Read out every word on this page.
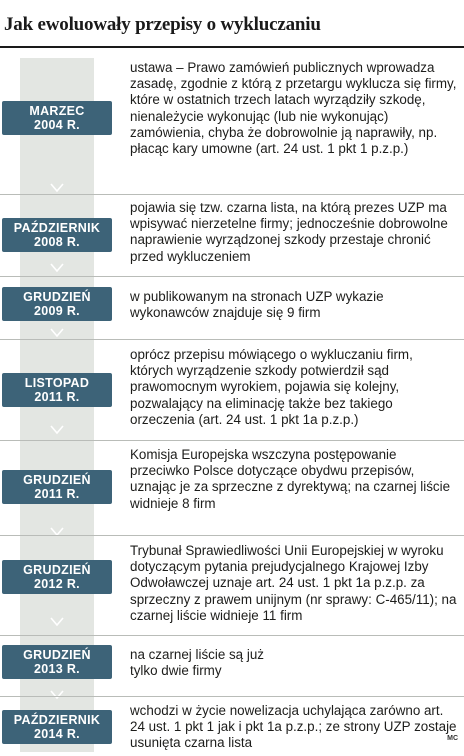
Jak ewoluowały przepisy o wykluczaniu
MARZEC
2004 R.

ustawa – Prawo zamówień publicznych wprowadza zasadę, zgodnie z którą z przetargu wyklucza się firmy, które w ostatnich trzech latach wyrządziły szkodę, nienależycie wykonując (lub nie wykonując) zamówienia, chyba że dobrowolnie ją naprawiły, np. płacąc kary umowne (art. 24 ust. 1 pkt 1 p.z.p.)

PAŹDZIERNIK
2008 R.

pojawia się tzw. czarna lista, na którą prezes UZP ma wpisywać nierzetelne firmy; jednocześnie dobrowolne naprawienie wyrządzonej szkody przestaje chronić przed wykluczeniem

GRUDZIEŃ
2009 R.

w publikowanym na stronach UZP wykazie wykonawców znajduje się 9 firm

LISTOPAD
2011 R.

oprócz przepisu mówiącego o wykluczaniu firm, których wyrządzenie szkody potwierdził sąd prawomocnym wyrokiem, pojawia się kolejny, pozwalający na eliminację także bez takiego orzeczenia (art. 24 ust. 1 pkt 1a p.z.p.)

GRUDZIEŃ
2011 R.

Komisja Europejska wszczyna postępowanie przeciwko Polsce dotyczące obydwu przepisów, uznając je za sprzeczne z dyrektywą; na czarnej liście widnieje 8 firm

GRUDZIEŃ
2012 R.

Trybunał Sprawiedliwości Unii Europejskiej w wyroku dotyczącym pytania prejudycjalnego Krajowej Izby Odwoławczej uznaje art. 24 ust. 1 pkt 1a p.z.p. za sprzeczny z prawem unijnym (nr sprawy: C-465/11); na czarnej liście widnieje 11 firm

GRUDZIEŃ
2013 R.

na czarnej liście są już tylko dwie firmy

PAŹDZIERNIK
2014 R.

wchodzi w życie nowelizacja uchylająca zarówno art. 24 ust. 1 pkt 1 jak i pkt 1a p.z.p.; ze strony UZP zostaje usunięta czarna lista	MC
